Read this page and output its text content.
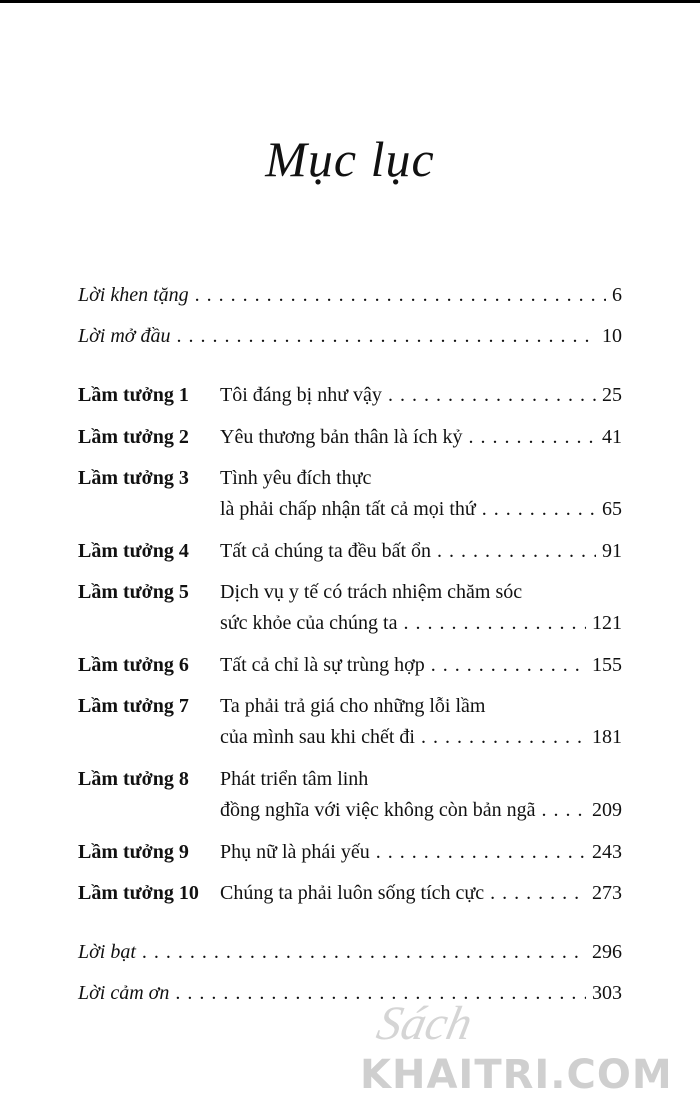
Mục lục
Lời khen tặng . . .	6
Lời mở đầu . . .	10
Lầm tưởng 1	Tôi đáng bị như vậy . . .	25
Lầm tưởng 2	Yêu thương bản thân là ích kỷ . . .	41
Lầm tưởng 3	Tình yêu đích thực
là phải chấp nhận tất cả mọi thứ . . .	65
Lầm tưởng 4	Tất cả chúng ta đều bất ổn . . .	91
Lầm tưởng 5	Dịch vụ y tế có trách nhiệm chăm sóc
sức khỏe của chúng ta . . .	121
Lầm tưởng 6	Tất cả chỉ là sự trùng hợp . . .	155
Lầm tưởng 7	Ta phải trả giá cho những lỗi lầm
của mình sau khi chết đi . . .	181
Lầm tưởng 8	Phát triển tâm linh
đồng nghĩa với việc không còn bản ngã . . .	209
Lầm tưởng 9	Phụ nữ là phái yếu . . .	243
Lầm tưởng 10	Chúng ta phải luôn sống tích cực . . .	273
Lời bạt . . .	296
Lời cảm ơn . . .	303
Sách
KHAITRI.COM
